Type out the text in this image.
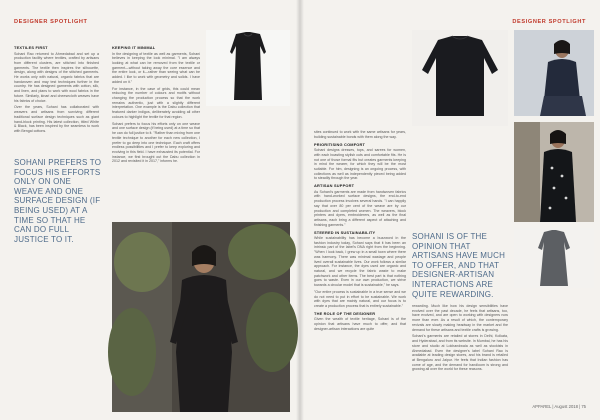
DESIGNER SPOTLIGHT
TEXTILES FIRST

Sohani Rao returned to Ahmedabad and set up a production facility where textiles, crafted by artisans from different clusters, are stitched into finished garments. The textile then inspires the silhouette, design, along with designs of the stitched garments. He works only with natural, organic fabrics that are handwoven and may test techniques further in the country. He has designed garments with cotton, silk, and linen, and plans to work with wool fabrics in the future. Similarly, kinari and cheesecloth weaves have his fabrics of choice.

Over the years, Sohani has collaborated with weavers and artisans from surviving different traditional surface design techniques such as giant hand-block printing. His latest collection, titled White & Black, has been inspired by the seamless to work with Bengal cottons.

SOHANI PREFERS TO FOCUS HIS EFFORTS ONLY ON ONE WEAVE AND ONE SURFACE DESIGN (IF BEING USED) AT A TIME SO THAT HE CAN DO FULL JUSTICE TO IT.
KEEPING IT MINIMAL

In the designing of textile as well as garments, Sohani believes in keeping the look minimal. "I am always looking at what can be removed from the textile or garment—without taking away the core essence and the entire look, or it—rather than seeing what can be added. I like to work with geometry and solids. I have added on it."

For instance, in the case of grids, this could mean reducing the number of colours and motifs without changing the production process so that the work remains authentic, just with a slightly different interpretation. One example is the Dabu collection that featured darker indigos, deliberately avoiding all other colours to highlight the textile for that region.

Sohani prefers to focus his efforts only on one weave and one surface design (if being used) at a time so that he can do full justice to it. "Rather than mixing from one textile technique to another for each new collection, I prefer to go deep into one technique. Each craft offers endless possibilities and I prefer to keep exploring and evolving in this field. I have exhausted its potential. For instance, we first brought out the Dabu collection in 2012 and revisited it in 2017," informs he.

DESIGNER SPOTLIGHT

sites continued to work with the same artisans for years, building sustainable bonds with them along the way.

PRIORITISING COMFORT

Sohani designs dresses, tops, and sarees for women, with each boasting stylish cuts and comfortable fits. He is not one of those formal fits but creates garments keeping in mind the wearer, for which they will be the most suitable. For him, designing is an ongoing process, with collections as well as independently pieced being added to steadily through the year.

ARTISAN SUPPORT

As Sohani's garments are made from handwoven fabrics with hand-worked surface designs, the end-to-end production process involves several hands. "I can happily say that over 80 per cent of the weave are by our production and completed women. The weavers, block printers and dyers, embroiderers, as well as the final artisans, each bring a different aspect of attaching and finishing garments."

STEERED IN SUSTAINABILITY

While sustainability has become a buzzword in the fashion industry today, Sohani says that it has been an intrinsic part of the label's DNA right from the beginning. "When I look back, I grew up in a small town where there was harmony. There was minimal wastage and people lived overall sustainable lives. Our work follows a similar approach. For instance, the dyes used are organic and natural, and we recycle the fabric waste to make patchwork and other items. The best part is that nothing goes to waste. Even in our own production, we strive towards a circular model that is sustainable," he says.

"Our entire process is sustainable in a true sense and we do not need to put in effort to be sustainable. We work with dyes that are mainly natural, and our focus is to create a production process that is entirely sustainable."

THE ROLE OF THE DESIGNER

Given the wealth of textile heritage, Sohani is of the opinion that artisans have much to offer, and that designer-artisan interactions are quite

SOHANI IS OF THE OPINION THAT ARTISANS HAVE MUCH TO OFFER, AND THAT DESIGNER-ARTISAN INTERACTIONS ARE QUITE REWARDING.

rewarding. Much like how his design sensibilities have evolved over the past decade, he feels that artisans, too, have evolved, and are open to working with designers now more than ever. As a result of which, the contemporary revivals are slowly making headway in the market and the demand for these artisans and textile crafts is growing.

Sohani's garments are retailed at stores in Delhi, Kolkata, and Hyderabad, and from its website. In Mumbai, he has his store and studio at Lokhandwala as well as stockists in Ahmedabad. Even the designer's label Sohani Rao is available at leading design stores, and his brand is retailed at Bengaluru and Jaipur. He feels that Indian fashion has come of age, and the demand for handloom is strong and growing all over the world for these reasons.

APPAREL | August 2018 | 75
